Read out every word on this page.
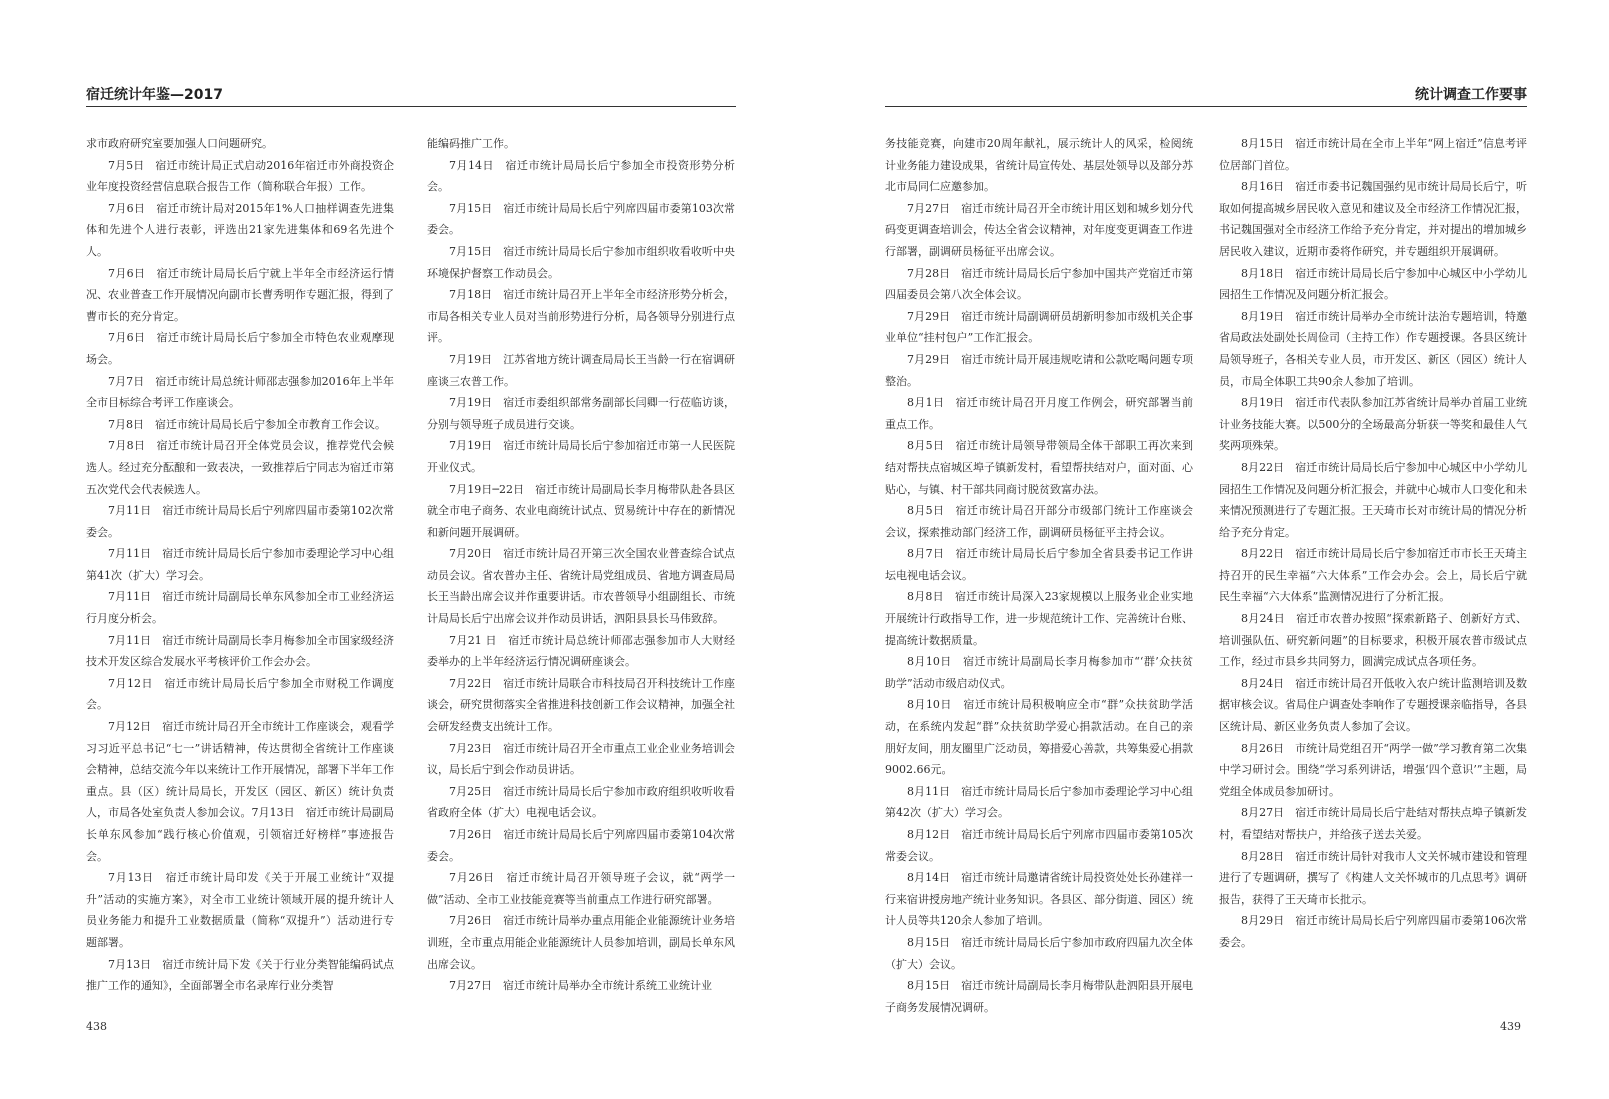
宿迁统计年鉴—2017

求市政府研究室要加强人口问题研究。

7月5日　宿迁市统计局正式启动2016年宿迁市外商投资企业年度投资经营信息联合报告工作（简称联合年报）工作。

7月6日　宿迁市统计局对2015年1%人口抽样调查先进集体和先进个人进行表彰，评选出21家先进集体和69名先进个人。

7月6日　宿迁市统计局局长后宁就上半年全市经济运行情况、农业普查工作开展情况向副市长曹秀明作专题汇报，得到了曹市长的充分肯定。

7月6日　宿迁市统计局局长后宁参加全市特色农业观摩现场会。

7月7日　宿迁市统计局总统计师邵志强参加2016年上半年全市目标综合考评工作座谈会。

7月8日　宿迁市统计局局长后宁参加全市教育工作会议。

7月8日　宿迁市统计局召开全体党员会议，推荐党代会候选人。经过充分酝酿和一致表决，一致推荐后宁同志为宿迁市第五次党代会代表候选人。

7月11日　宿迁市统计局局长后宁列席四届市委第102次常委会。

7月11日　宿迁市统计局局长后宁参加市委理论学习中心组第41次（扩大）学习会。

7月11日　宿迁市统计局副局长单东风参加全市工业经济运行月度分析会。

7月11日　宿迁市统计局副局长李月梅参加全市国家级经济技术开发区综合发展水平考核评价工作会办会。

7月12日　宿迁市统计局局长后宁参加全市财税工作调度会。

7月12日　宿迁市统计局召开全市统计工作座谈会，观看学习习近平总书记“七一”讲话精神，传达贯彻全省统计工作座谈会精神，总结交流今年以来统计工作开展情况，部署下半年工作重点。县（区）统计局局长，开发区（园区、新区）统计负责人，市局各处室负责人参加会议。7月13日　宿迁市统计局副局长单东风参加“践行核心价值观，引领宿迁好榜样”事迹报告会。

7月13日　宿迁市统计局印发《关于开展工业统计“双提升”活动的实施方案》，对全市工业统计领域开展的提升统计人员业务能力和提升工业数据质量（简称“双提升”）活动进行专题部署。

7月13日　宿迁市统计局下发《关于行业分类智能编码试点推广工作的通知》，全面部署全市名录库行业分类智

能编码推广工作。

7月14日　宿迁市统计局局长后宁参加全市投资形势分析会。

7月15日　宿迁市统计局局长后宁列席四届市委第103次常委会。

7月15日　宿迁市统计局局长后宁参加市组织收看收听中央环境保护督察工作动员会。

7月18日　宿迁市统计局召开上半年全市经济形势分析会，市局各相关专业人员对当前形势进行分析，局各领导分别进行点评。

7月19日　江苏省地方统计调查局局长王当龄一行在宿调研座谈三农普工作。

7月19日　宿迁市委组织部常务副部长闫卿一行莅临访谈，分别与领导班子成员进行交谈。

7月19日　宿迁市统计局局长后宁参加宿迁市第一人民医院开业仪式。

7月19日─22日　宿迁市统计局副局长李月梅带队赴各县区就全市电子商务、农业电商统计试点、贸易统计中存在的新情况和新问题开展调研。

7月20日　宿迁市统计局召开第三次全国农业普查综合试点动员会议。省农普办主任、省统计局党组成员、省地方调查局局长王当龄出席会议并作重要讲话。市农普领导小组副组长、市统计局局长后宁出席会议并作动员讲话，泗阳县县长马伟致辞。

7月21 日　宿迁市统计局总统计师邵志强参加市人大财经委举办的上半年经济运行情况调研座谈会。

7月22日　宿迁市统计局联合市科技局召开科技统计工作座谈会，研究贯彻落实全省推进科技创新工作会议精神，加强全社会研发经费支出统计工作。

7月23日　宿迁市统计局召开全市重点工业企业业务培训会议，局长后宁到会作动员讲话。

7月25日　宿迁市统计局局长后宁参加市政府组织收听收看省政府全体（扩大）电视电话会议。

7月26日　宿迁市统计局局长后宁列席四届市委第104次常委会。

7月26日　宿迁市统计局召开领导班子会议，就“两学一做”活动、全市工业技能竞赛等当前重点工作进行研究部署。

7月26日　宿迁市统计局举办重点用能企业能源统计业务培训班，全市重点用能企业能源统计人员参加培训，副局长单东风出席会议。

7月27日　宿迁市统计局举办全市统计系统工业统计业

438
统计调查工作要事

务技能竞赛，向建市20周年献礼，展示统计人的风采，检阅统计业务能力建设成果，省统计局宣传处、基层处领导以及部分苏北市局同仁应邀参加。

7月27日　宿迁市统计局召开全市统计用区划和城乡划分代码变更调查培训会，传达全省会议精神，对年度变更调查工作进行部署，副调研员杨征平出席会议。

7月28日　宿迁市统计局局长后宁参加中国共产党宿迁市第四届委员会第八次全体会议。

7月29日　宿迁市统计局副调研员胡新明参加市级机关企事业单位“挂村包户”工作汇报会。

7月29日　宿迁市统计局开展违规吃请和公款吃喝问题专项整治。

8月1日　宿迁市统计局召开月度工作例会，研究部署当前重点工作。

8月5日　宿迁市统计局领导带领局全体干部职工再次来到结对帮扶点宿城区埠子镇新发村，看望帮扶结对户，面对面、心贴心，与镇、村干部共同商讨脱贫致富办法。

8月5日　宿迁市统计局召开部分市级部门统计工作座谈会会议，探索推动部门经济工作，副调研员杨征平主持会议。

8月7日　宿迁市统计局局长后宁参加全省县委书记工作讲坛电视电话会议。

8月8日　宿迁市统计局深入23家规模以上服务业企业实地开展统计行政指导工作，进一步规范统计工作、完善统计台账、提高统计数据质量。

8月10日　宿迁市统计局副局长李月梅参加市“‘群’众扶贫助学”活动市级启动仪式。

8月10日　宿迁市统计局积极响应全市“群”众扶贫助学活动，在系统内发起“群”众扶贫助学爱心捐款活动。在自己的亲朋好友间，朋友圈里广泛动员，筹措爱心善款，共筹集爱心捐款9002.66元。

8月11日　宿迁市统计局局长后宁参加市委理论学习中心组第42次（扩大）学习会。

8月12日　宿迁市统计局局长后宁列席市四届市委第105次常委会议。

8月14日　宿迁市统计局邀请省统计局投资处处长孙建祥一行来宿讲授房地产统计业务知识。各县区、部分街道、园区）统计人员等共120余人参加了培训。

8月15日　宿迁市统计局局长后宁参加市政府四届九次全体（扩大）会议。

8月15日　宿迁市统计局副局长李月梅带队赴泗阳县开展电子商务发展情况调研。

8月15日　宿迁市统计局在全市上半年“网上宿迁”信息考评位居部门首位。

8月16日　宿迁市委书记魏国强约见市统计局局长后宁，听取如何提高城乡居民收入意见和建议及全市经济工作情况汇报，书记魏国强对全市经济工作给予充分肯定，并对提出的增加城乡居民收入建议，近期市委将作研究，并专题组织开展调研。

8月18日　宿迁市统计局局长后宁参加中心城区中小学幼儿园招生工作情况及问题分析汇报会。

8月19日　宿迁市统计局举办全市统计法治专题培训，特邀省局政法处副处长周俭司（主持工作）作专题授课。各县区统计局领导班子，各相关专业人员，市开发区、新区（园区）统计人员，市局全体职工共90余人参加了培训。

8月19日　宿迁市代表队参加江苏省统计局举办首届工业统计业务技能大赛。以500分的全场最高分斩获一等奖和最佳人气奖两项殊荣。

8月22日　宿迁市统计局局长后宁参加中心城区中小学幼儿园招生工作情况及问题分析汇报会，并就中心城市人口变化和未来情况预测进行了专题汇报。王天琦市长对市统计局的情况分析给予充分肯定。

8月22日　宿迁市统计局局长后宁参加宿迁市市长王天琦主持召开的民生幸福“六大体系”工作会办会。会上，局长后宁就民生幸福“六大体系”监测情况进行了分析汇报。

8月24日　宿迁市农普办按照“探索新路子、创新好方式、培训强队伍、研究新问题”的目标要求，积极开展农普市级试点工作，经过市县乡共同努力，圆满完成试点各项任务。

8月24日　宿迁市统计局召开低收入农户统计监测培训及数据审核会议。省局住户调查处李响作了专题授课亲临指导，各县区统计局、新区业务负责人参加了会议。

8月26日　市统计局党组召开“两学一做”学习教育第二次集中学习研讨会。围绕“学习系列讲话，增强‘四个意识’”主题，局党组全体成员参加研讨。

8月27日　宿迁市统计局局长后宁赴结对帮扶点埠子镇新发村，看望结对帮扶户，并给孩子送去关爱。

8月28日　宿迁市统计局针对我市人文关怀城市建设和管理进行了专题调研，撰写了《构建人文关怀城市的几点思考》调研报告，获得了王天琦市长批示。

8月29日　宿迁市统计局局长后宁列席四届市委第106次常委会。

439
